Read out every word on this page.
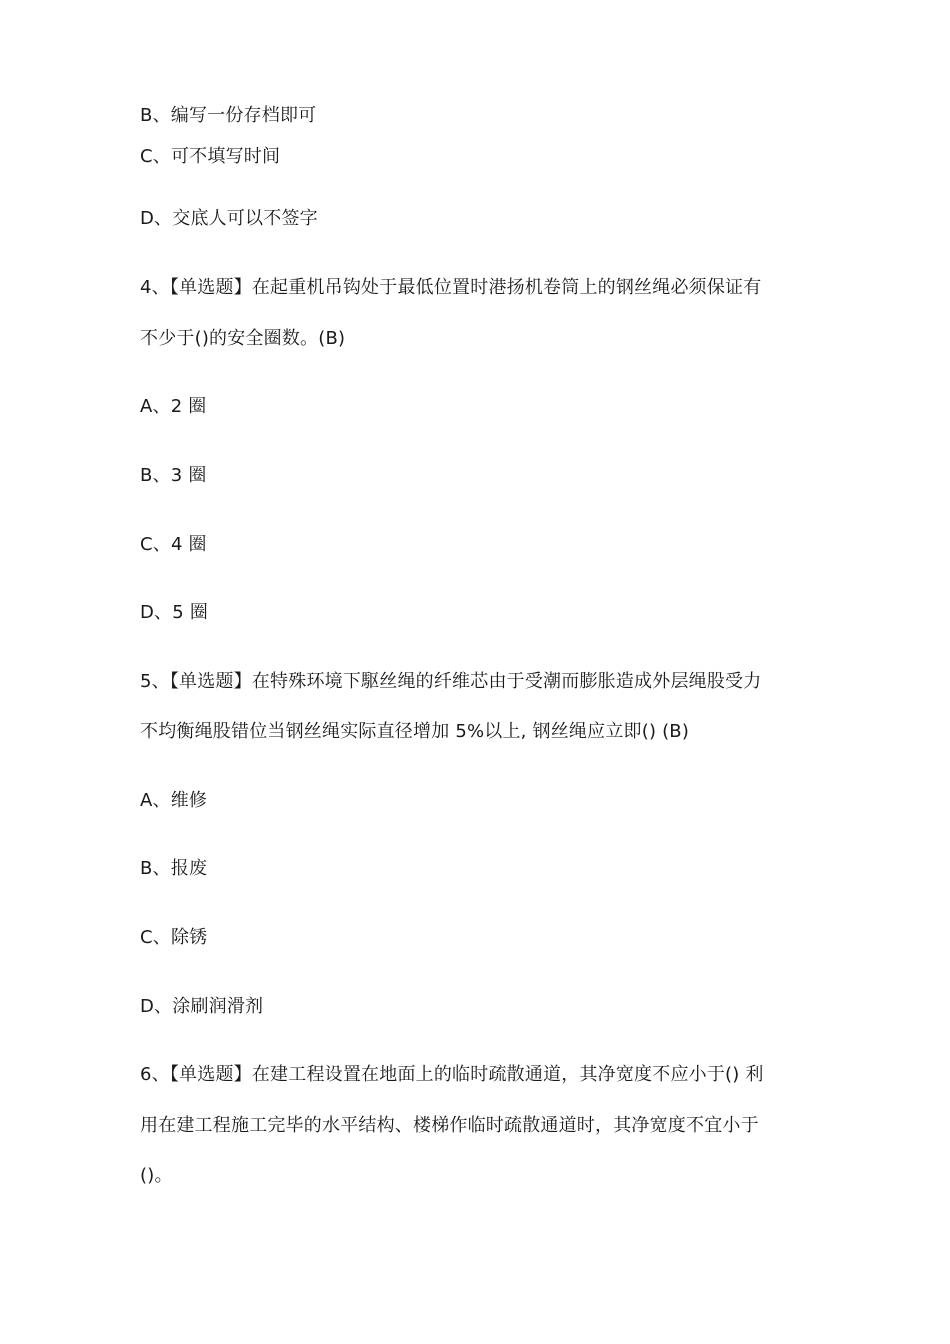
B、编写一份存档即可
C、可不填写时间
D、交底人可以不签字
4、【单选题】在起重机吊钩处于最低位置时港扬机卷筒上的钢丝绳必须保证有
不少于()的安全圈数。(B)
A、2 圈
B、3 圈
C、4 圈
D、5 圈
5、【单选题】在特殊环境下駆丝绳的纤维芯由于受潮而膨胀造成外层绳股受力
不均衡绳股错位当钢丝绳实际直径增加 5%以上, 钢丝绳应立即() (B)
A、维修
B、报废
C、除锈
D、涂刷润滑剂
6、【单选题】在建工程设置在地面上的临时疏散通道，其净宽度不应小于() 利
用在建工程施工完毕的水平结构、楼梯作临时疏散通道时，其净宽度不宜小于
()。
